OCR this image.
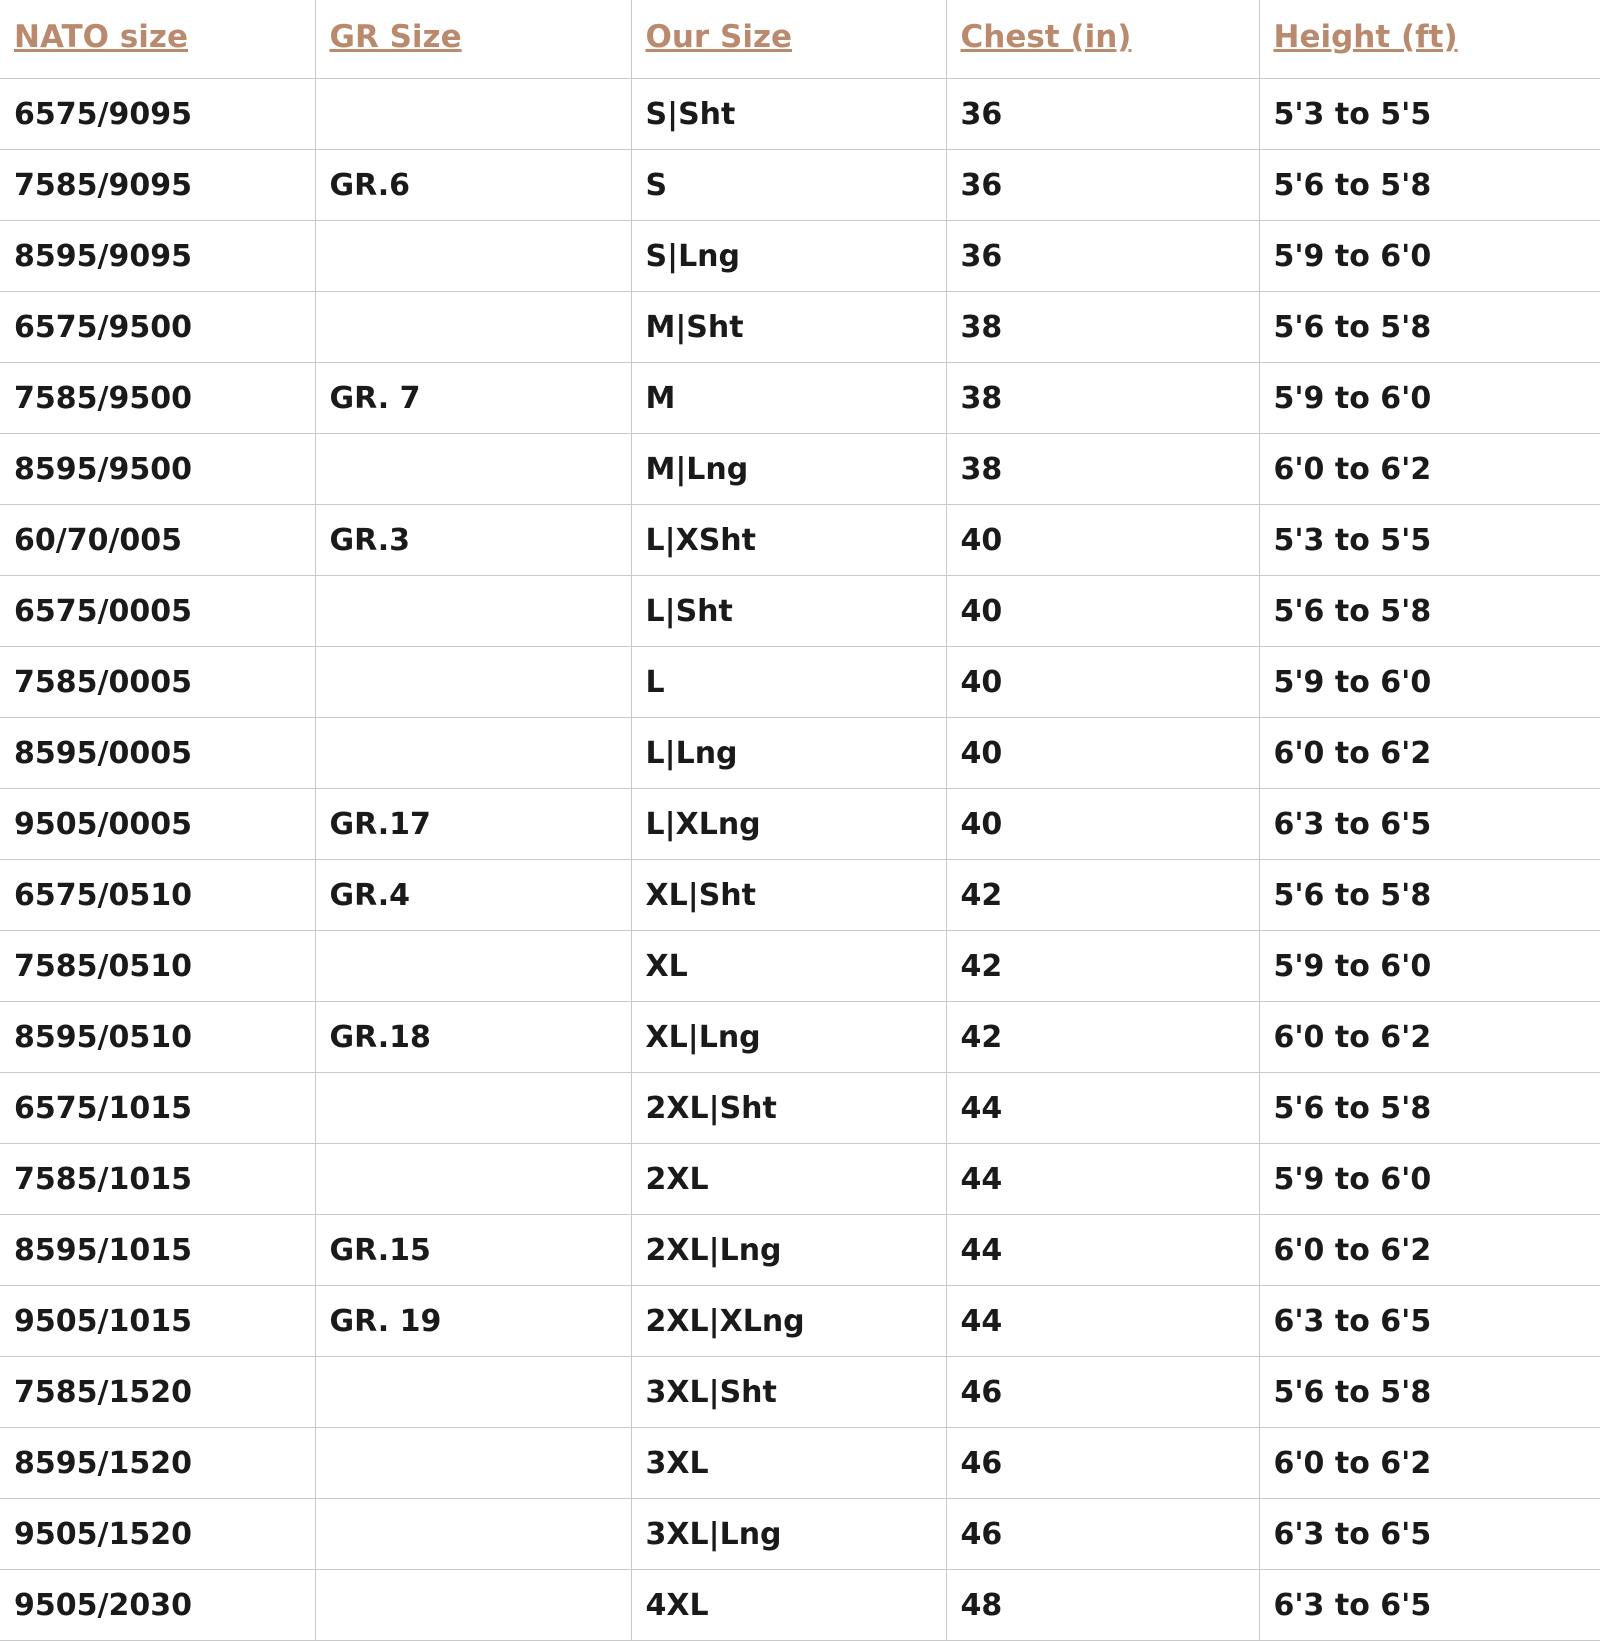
NATO size	GR Size	Our Size	Chest (in)	Height (ft)
6575/9095		S|Sht	36	5'3 to 5'5
7585/9095	GR.6	S	36	5'6 to 5'8
8595/9095		S|Lng	36	5'9 to 6'0
6575/9500		M|Sht	38	5'6 to 5'8
7585/9500	GR. 7	M	38	5'9 to 6'0
8595/9500		M|Lng	38	6'0 to 6'2
60/70/005	GR.3	L|XSht	40	5'3 to 5'5
6575/0005		L|Sht	40	5'6 to 5'8
7585/0005		L	40	5'9 to 6'0
8595/0005		L|Lng	40	6'0 to 6'2
9505/0005	GR.17	L|XLng	40	6'3 to 6'5
6575/0510	GR.4	XL|Sht	42	5'6 to 5'8
7585/0510		XL	42	5'9 to 6'0
8595/0510	GR.18	XL|Lng	42	6'0 to 6'2
6575/1015		2XL|Sht	44	5'6 to 5'8
7585/1015		2XL	44	5'9 to 6'0
8595/1015	GR.15	2XL|Lng	44	6'0 to 6'2
9505/1015	GR. 19	2XL|XLng	44	6'3 to 6'5
7585/1520		3XL|Sht	46	5'6 to 5'8
8595/1520		3XL	46	6'0 to 6'2
9505/1520		3XL|Lng	46	6'3 to 6'5
9505/2030		4XL	48	6'3 to 6'5
